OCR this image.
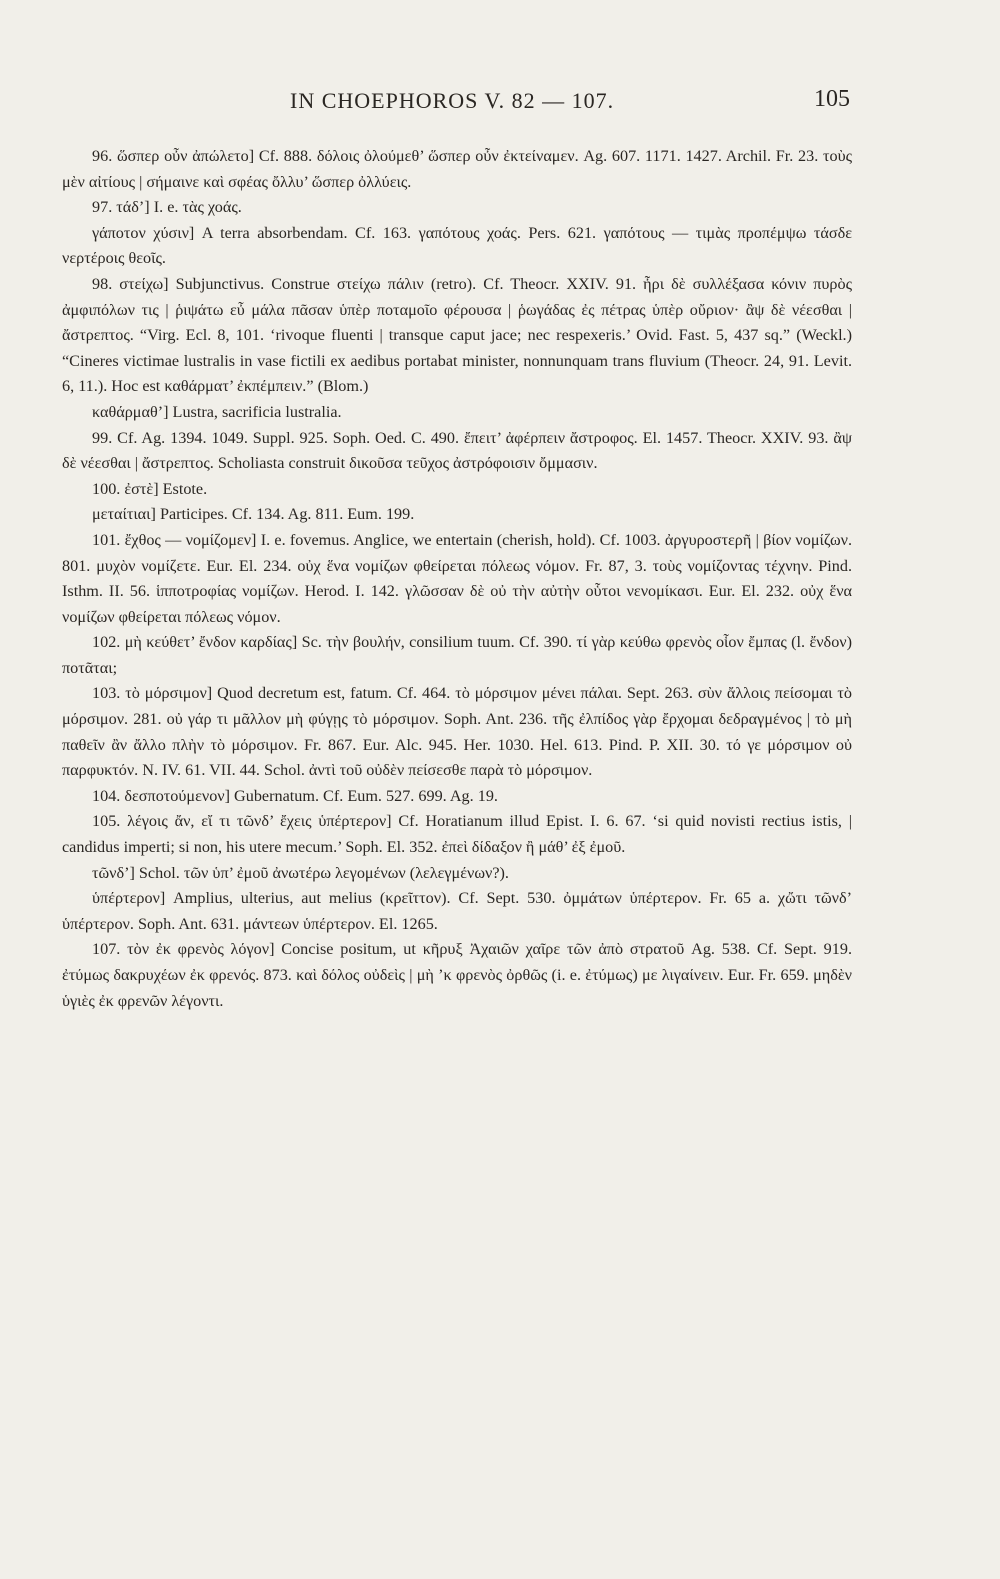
IN CHOEPHOROS V. 82 — 107.	105

96. ὥσπερ οὖν ἀπώλετο] Cf. 888. δόλοις ὀλούμεθ’ ὥσπερ οὖν ἐκτείναμεν. Ag. 607. 1171. 1427. Archil. Fr. 23. τοὺς μὲν αἰτίους | σήμαινε καὶ σφέας ὄλλυ’ ὥσπερ ὀλλύεις.

97. τάδ’] I. e. τὰς χοάς.

γάποτον χύσιν] A terra absorbendam. Cf. 163. γαπότους χοάς. Pers. 621. γαπότους — τιμὰς προπέμψω τάσδε νερτέροις θεοῖς.

98. στείχω] Subjunctivus. Construe στείχω πάλιν (retro). Cf. Theocr. XXIV. 91. ἦρι δὲ συλλέξασα κόνιν πυρὸς ἀμφιπόλων τις | ῥιψάτω εὖ μάλα πᾶσαν ὑπὲρ ποταμοῖο φέρουσα | ῥωγάδας ἐς πέτρας ὑπὲρ οὔριον· ἂψ δὲ νέεσθαι | ἄστρεπτος. “Virg. Ecl. 8, 101. ‘rivoque fluenti | transque caput jace; nec respexeris.’ Ovid. Fast. 5, 437 sq.” (Weckl.) “Cineres victimae lustralis in vase fictili ex aedibus portabat minister, nonnunquam trans fluvium (Theocr. 24, 91. Levit. 6, 11.). Hoc est καθάρματ’ ἐκπέμπειν.” (Blom.)

καθάρμαθ’] Lustra, sacrificia lustralia.

99. Cf. Ag. 1394. 1049. Suppl. 925. Soph. Oed. C. 490. ἔπειτ’ ἀφέρπειν ἄστροφος. El. 1457. Theocr. XXIV. 93. ἂψ δὲ νέεσθαι | ἄστρεπτος. Scholiasta construit δικοῦσα τεῦχος ἀστρόφοισιν ὄμμασιν.

100. ἐστὲ] Estote.

μεταίτιαι] Participes. Cf. 134. Ag. 811. Eum. 199.

101. ἔχθος — νομίζομεν] I. e. fovemus. Anglice, we entertain (cherish, hold). Cf. 1003. ἀργυροστερῆ | βίον νομίζων. 801. μυχὸν νομίζετε. Eur. El. 234. οὐχ ἕνα νομίζων φθείρεται πόλεως νόμον. Fr. 87, 3. τοὺς νομίζοντας τέχνην. Pind. Isthm. II. 56. ἱπποτροφίας νομίζων. Herod. I. 142. γλῶσσαν δὲ οὐ τὴν αὐτὴν οὗτοι νενομίκασι. Eur. El. 232. οὐχ ἕνα νομίζων φθείρεται πόλεως νόμον.

102. μὴ κεύθετ’ ἔνδον καρδίας] Sc. τὴν βουλήν, consilium tuum. Cf. 390. τί γὰρ κεύθω φρενὸς οἷον ἔμπας (l. ἔνδον) ποτᾶται;

103. τὸ μόρσιμον] Quod decretum est, fatum. Cf. 464. τὸ μόρσιμον μένει πάλαι. Sept. 263. σὺν ἄλλοις πείσομαι τὸ μόρσιμον. 281. οὐ γάρ τι μᾶλλον μὴ φύγῃς τὸ μόρσιμον. Soph. Ant. 236. τῆς ἐλπίδος γὰρ ἔρχομαι δεδραγμένος | τὸ μὴ παθεῖν ἂν ἄλλο πλὴν τὸ μόρσιμον. Fr. 867. Eur. Alc. 945. Her. 1030. Hel. 613. Pind. P. XII. 30. τό γε μόρσιμον οὐ παρφυκτόν. N. IV. 61. VII. 44. Schol. ἀντὶ τοῦ οὐδὲν πείσεσθε παρὰ τὸ μόρσιμον.

104. δεσποτούμενον] Gubernatum. Cf. Eum. 527. 699. Ag. 19.

105. λέγοις ἄν, εἴ τι τῶνδ’ ἔχεις ὑπέρτερον] Cf. Horatianum illud Epist. I. 6. 67. ‘si quid novisti rectius istis, | candidus imperti; si non, his utere mecum.’ Soph. El. 352. ἐπεὶ δίδαξον ἢ μάθ’ ἐξ ἐμοῦ.

τῶνδ’] Schol. τῶν ὑπ’ ἐμοῦ ἀνωτέρω λεγομένων (λελεγμένων?).

ὑπέρτερον] Amplius, ulterius, aut melius (κρεῖττον). Cf. Sept. 530. ὀμμάτων ὑπέρτερον. Fr. 65 a. χὤτι τῶνδ’ ὑπέρτερον. Soph. Ant. 631. μάντεων ὑπέρτερον. El. 1265.

107. τὸν ἐκ φρενὸς λόγον] Concise positum, ut κῆρυξ Ἀχαιῶν χαῖρε τῶν ἀπὸ στρατοῦ Ag. 538. Cf. Sept. 919. ἐτύμως δακρυχέων ἐκ φρενός. 873. καὶ δόλος οὐδεὶς | μὴ ’κ φρενὸς ὀρθῶς (i. e. ἐτύμως) με λιγαίνειν. Eur. Fr. 659. μηδὲν ὑγιὲς ἐκ φρενῶν λέγοντι.
